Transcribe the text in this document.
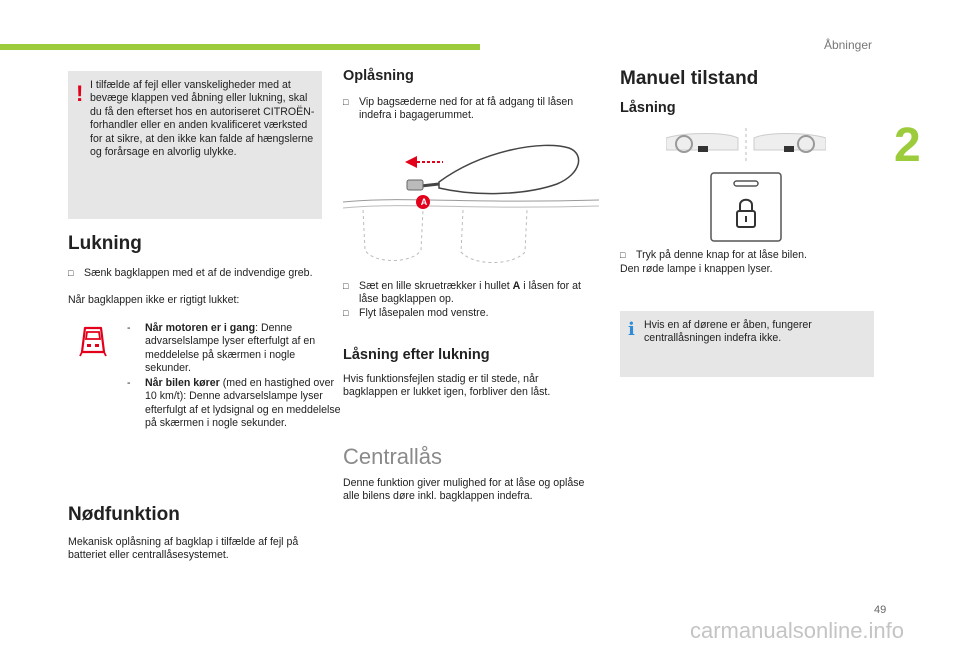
Åbninger
2
! I tilfælde af fejl eller vanskeligheder med at bevæge klappen ved åbning eller lukning, skal du få den efterset hos en autoriseret CITROËN-forhandler eller en anden kvalificeret værksted for at sikre, at den ikke kan falde af hængslerne og forårsage en alvorlig ulykke.
Lukning
□ Sænk bagklappen med et af de indvendige greb.
Når bagklappen ikke er rigtigt lukket:
- Når motoren er i gang: Denne advarselslampe lyser efterfulgt af en meddelelse på skærmen i nogle sekunder.
- Når bilen kører (med en hastighed over 10 km/t): Denne advarselslampe lyser efterfulgt af et lydsignal og en meddelelse på skærmen i nogle sekunder.
Nødfunktion
Mekanisk oplåsning af bagklap i tilfælde af fejl på batteriet eller centrallåsesystemet.
Oplåsning
□ Vip bagsæderne ned for at få adgang til låsen indefra i bagagerummet.
A
□ Sæt en lille skruetrækker i hullet A i låsen for at låse bagklappen op.
□ Flyt låsepalen mod venstre.
Låsning efter lukning
Hvis funktionsfejlen stadig er til stede, når bagklappen er lukket igen, forbliver den låst.
Centrallås
Denne funktion giver mulighed for at låse og oplåse alle bilens døre inkl. bagklappen indefra.
Manuel tilstand
Låsning
□ Tryk på denne knap for at låse bilen.
Den røde lampe i knappen lyser.
i Hvis en af dørene er åben, fungerer centrallåsningen indefra ikke.
49
carmanualsonline.info
